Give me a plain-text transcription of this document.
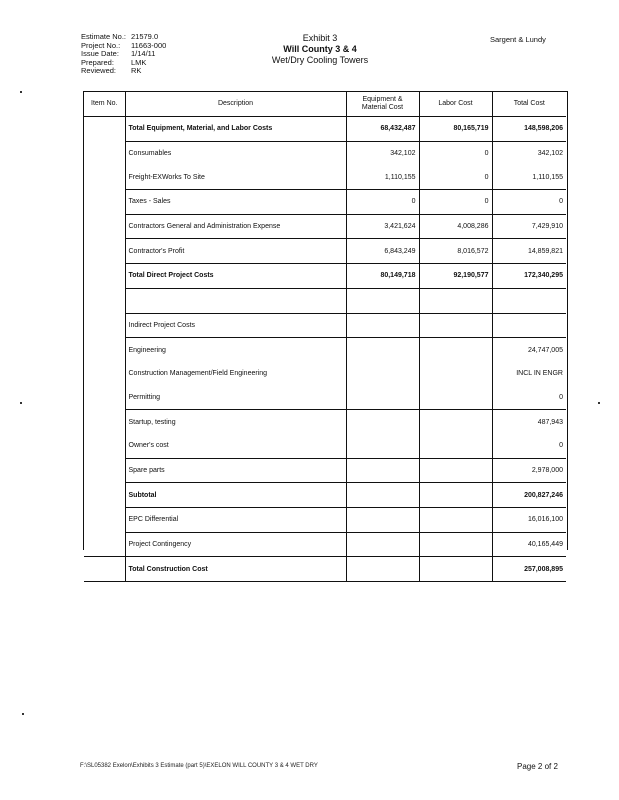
Estimate No.: 21579.0
Project No.:	11663-000
Issue Date:	1/14/11
Prepared:	LMK
Reviewed:	RK
Exhibit 3
Will County 3 & 4
Wet/Dry Cooling Towers
Sargent & Lundy
Item No.	Description	Equipment & Material Cost	Labor Cost	Total Cost
	Total Equipment, Material, and Labor Costs	68,432,487	80,165,719	148,598,206
	Consumables	342,102	0	342,102
	Freight-EXWorks To Site	1,110,155	0	1,110,155
	Taxes - Sales	0	0	0
	Contractors General and Administration Expense	3,421,624	4,008,286	7,429,910
	Contractor's Profit	6,843,249	8,016,572	14,859,821
	Total Direct Project Costs	80,149,718	92,190,577	172,340,295

	Indirect Project Costs			
	Engineering			24,747,005
	Construction Management/Field Engineering			INCL IN ENGR
	Permitting			0
	Startup, testing			487,943
	Owner's cost			0
	Spare parts			2,978,000
	Subtotal			200,827,246
	EPC Differential			16,016,100
	Project Contingency			40,165,449
	Total Construction Cost			257,008,895
F:\SL05382 Exelon\Exhibits 3 Estimate (part 5)\EXELON WILL COUNTY 3 & 4 WET DRY	Page 2 of 2
